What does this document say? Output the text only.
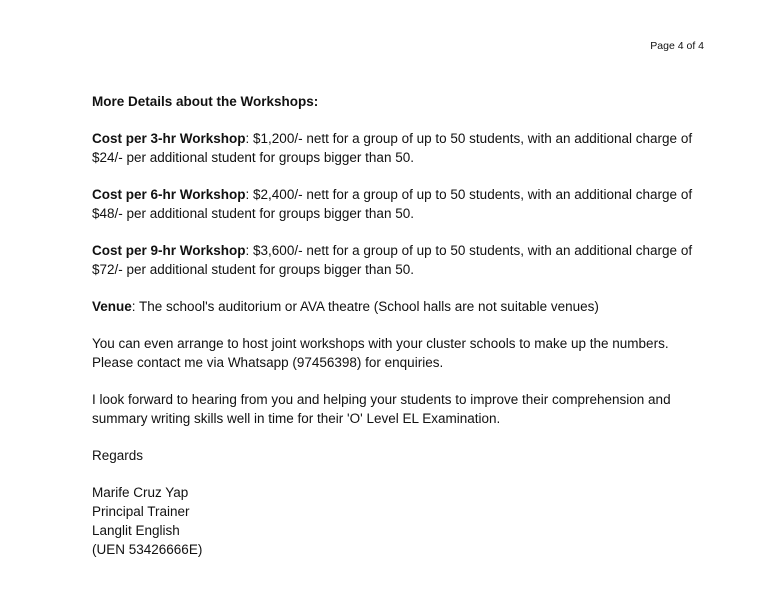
Page 4 of 4
More Details about the Workshops:
Cost per 3-hr Workshop: $1,200/- nett for a group of up to 50 students, with an additional charge of $24/- per additional student for groups bigger than 50.
Cost per 6-hr Workshop: $2,400/- nett for a group of up to 50 students, with an additional charge of $48/- per additional student for groups bigger than 50.
Cost per 9-hr Workshop: $3,600/- nett for a group of up to 50 students, with an additional charge of $72/- per additional student for groups bigger than 50.
Venue: The school's auditorium or AVA theatre (School halls are not suitable venues)
You can even arrange to host joint workshops with your cluster schools to make up the numbers. Please contact me via Whatsapp (97456398) for enquiries.
I look forward to hearing from you and helping your students to improve their comprehension and summary writing skills well in time for their 'O' Level EL Examination.
Regards
Marife Cruz Yap
Principal Trainer
Langlit English
(UEN 53426666E)
